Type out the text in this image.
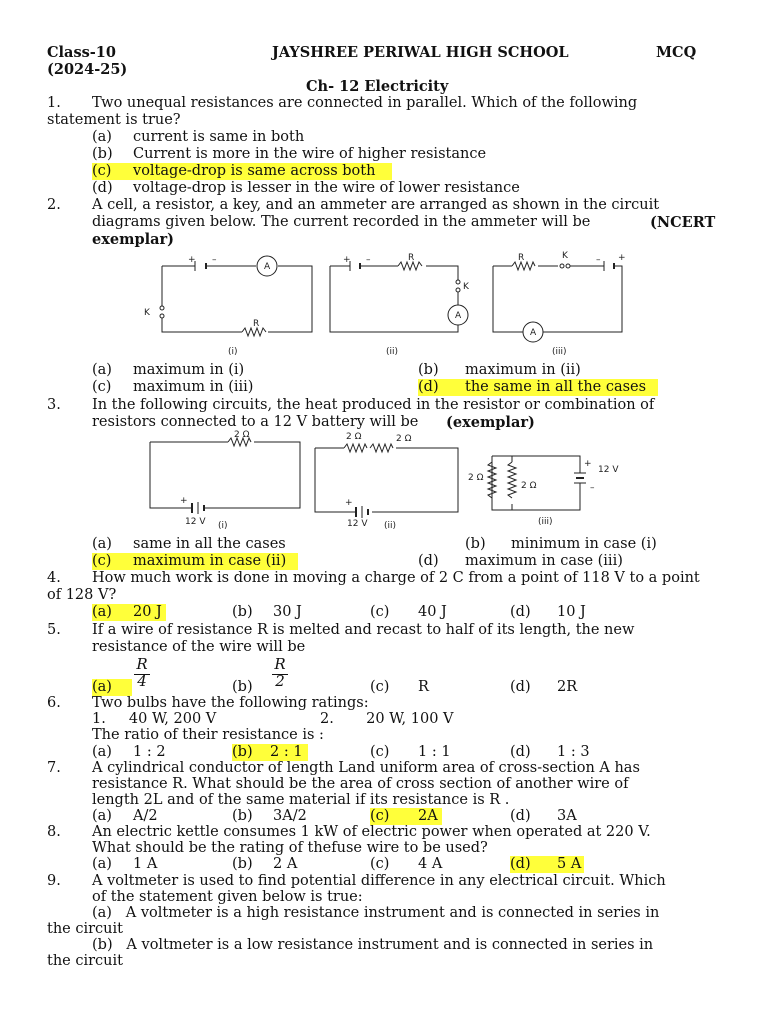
Class-10
(2024-25)
JAYSHREE PERIWAL HIGH SCHOOL	MCQ
Ch- 12 Electricity
1. Two unequal resistances are connected in parallel. Which of the following
statement is true?
(a) current is same in both
(b) Current is more in the wire of higher resistance
(c) voltage-drop is same across both
(d) voltage-drop is lesser in the wire of lower resistance
2. A cell, a resistor, a key, and an ammeter are arranged as shown in the circuit
diagrams given below. The current recorded in the ammeter will be	(NCERT
exemplar)
A
R
K
+ –
(i)
R
K
A
+ –
(ii)
R	K
A
– +
(iii)
(a) maximum in (i)	(b) maximum in (ii)
(c) maximum in (iii)	(d) the same in all the cases
3. In the following circuits, the heat produced in the resistor or combination of
resistors connected to a 12 V battery will be (exemplar)
2 Ω
+
12 V (i)
2 Ω	2 Ω
+
12 V (ii)
2 Ω
2 Ω
+
12 V
–
(iii)
(a) same in all the cases	(b) minimum in case (i)
(c) maximum in case (ii)	(d) maximum in case (iii)
4. How much work is done in moving a charge of 2 C from a point of 118 V to a point
of 128 V?
(a) 20 J	(b) 30 J	(c) 40 J	(d) 10 J
5. If a wire of resistance R is melted and recast to half of its length, the new
resistance of the wire will be
(a)
R
4	(b)
R
2	(c) R	(d) 2R
6. Two bulbs have the following ratings:
1.     40 W, 200 V	2.       20 W, 100 V
The ratio of their resistance is :
(a) 1 : 2	(b) 2 : 1	(c) 1 : 1	(d) 1 : 3
7. A cylindrical conductor of length Land uniform area of cross-section A has
resistance R. What should be the area of cross section of another wire of
length 2L and of the same material if its resistance is R .
(a) A/2	(b) 3A/2	(c) 2A	(d) 3A
8. An electric kettle consumes 1 kW of electric power when operated at 220 V.
What should be the rating of thefuse wire to be used?
(a) 1 A	(b) 2 A	(c) 4 A	(d) 5 A
9. A voltmeter is used to find potential difference in any electrical circuit. Which
of the statement given below is true:
(a)   A voltmeter is a high resistance instrument and is connected in series in
the circuit
(b)   A voltmeter is a low resistance instrument and is connected in series in
the circuit
